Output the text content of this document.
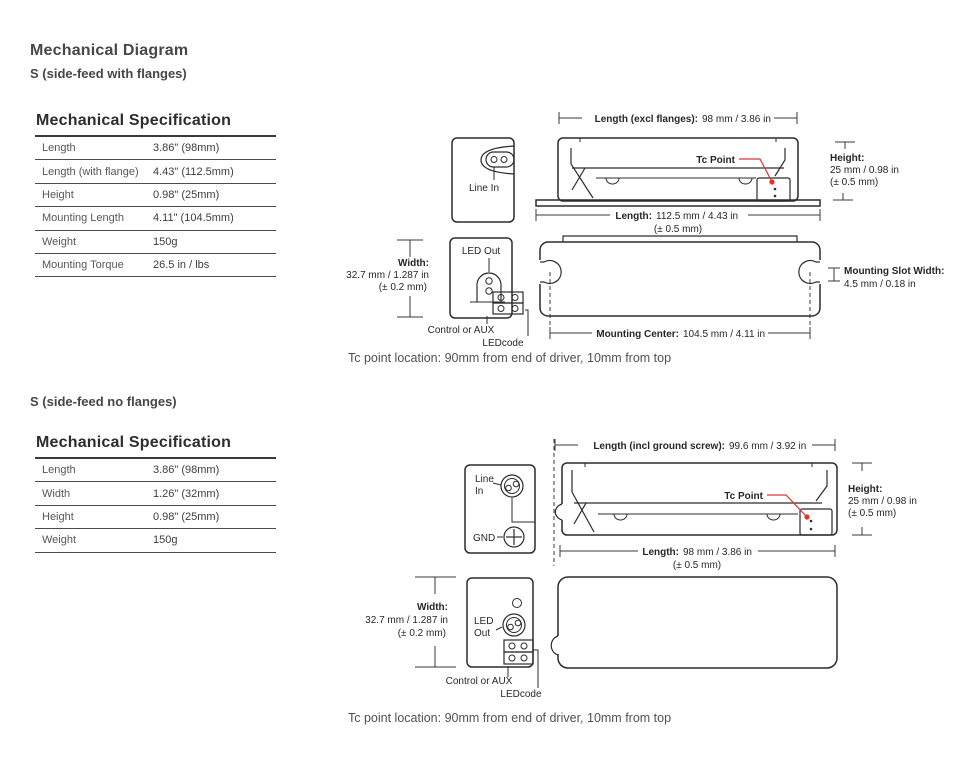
Mechanical Diagram
S (side-feed with flanges)
Mechanical Specification
Length	3.86" (98mm)
Length (with flange)	4.43" (112.5mm)
Height	0.98" (25mm)
Mounting Length	4.11" (104.5mm)
Weight	150g
Mounting Torque	26.5 in / lbs
Length (excl flanges): 98 mm / 3.86 in
Tc Point	Height:
25 mm / 0.98 in
(± 0.5 mm)
Length: 112.5 mm / 4.43 in
(± 0.5 mm)
Mounting Slot Width:
4.5 mm / 0.18 in
Mounting Center: 104.5 mm / 4.11 in
Line In
LED Out
Control or AUX
LEDcode
Width:
32.7 mm / 1.287 in
(± 0.2 mm)
Tc point location: 90mm from end of driver, 10mm from top
S (side-feed no flanges)
Mechanical Specification
Length	3.86" (98mm)
Width	1.26" (32mm)
Height	0.98" (25mm)
Weight	150g
Length (incl ground screw): 99.6 mm / 3.92 in
Tc Point
Height:
25 mm / 0.98 in
(± 0.5 mm)
Length: 98 mm / 3.86 in
(± 0.5 mm)
Line
In
GND
LED
Out
Control or AUX
LEDcode
Width:
32.7 mm / 1.287 in
(± 0.2 mm)
Tc point location: 90mm from end of driver, 10mm from top
